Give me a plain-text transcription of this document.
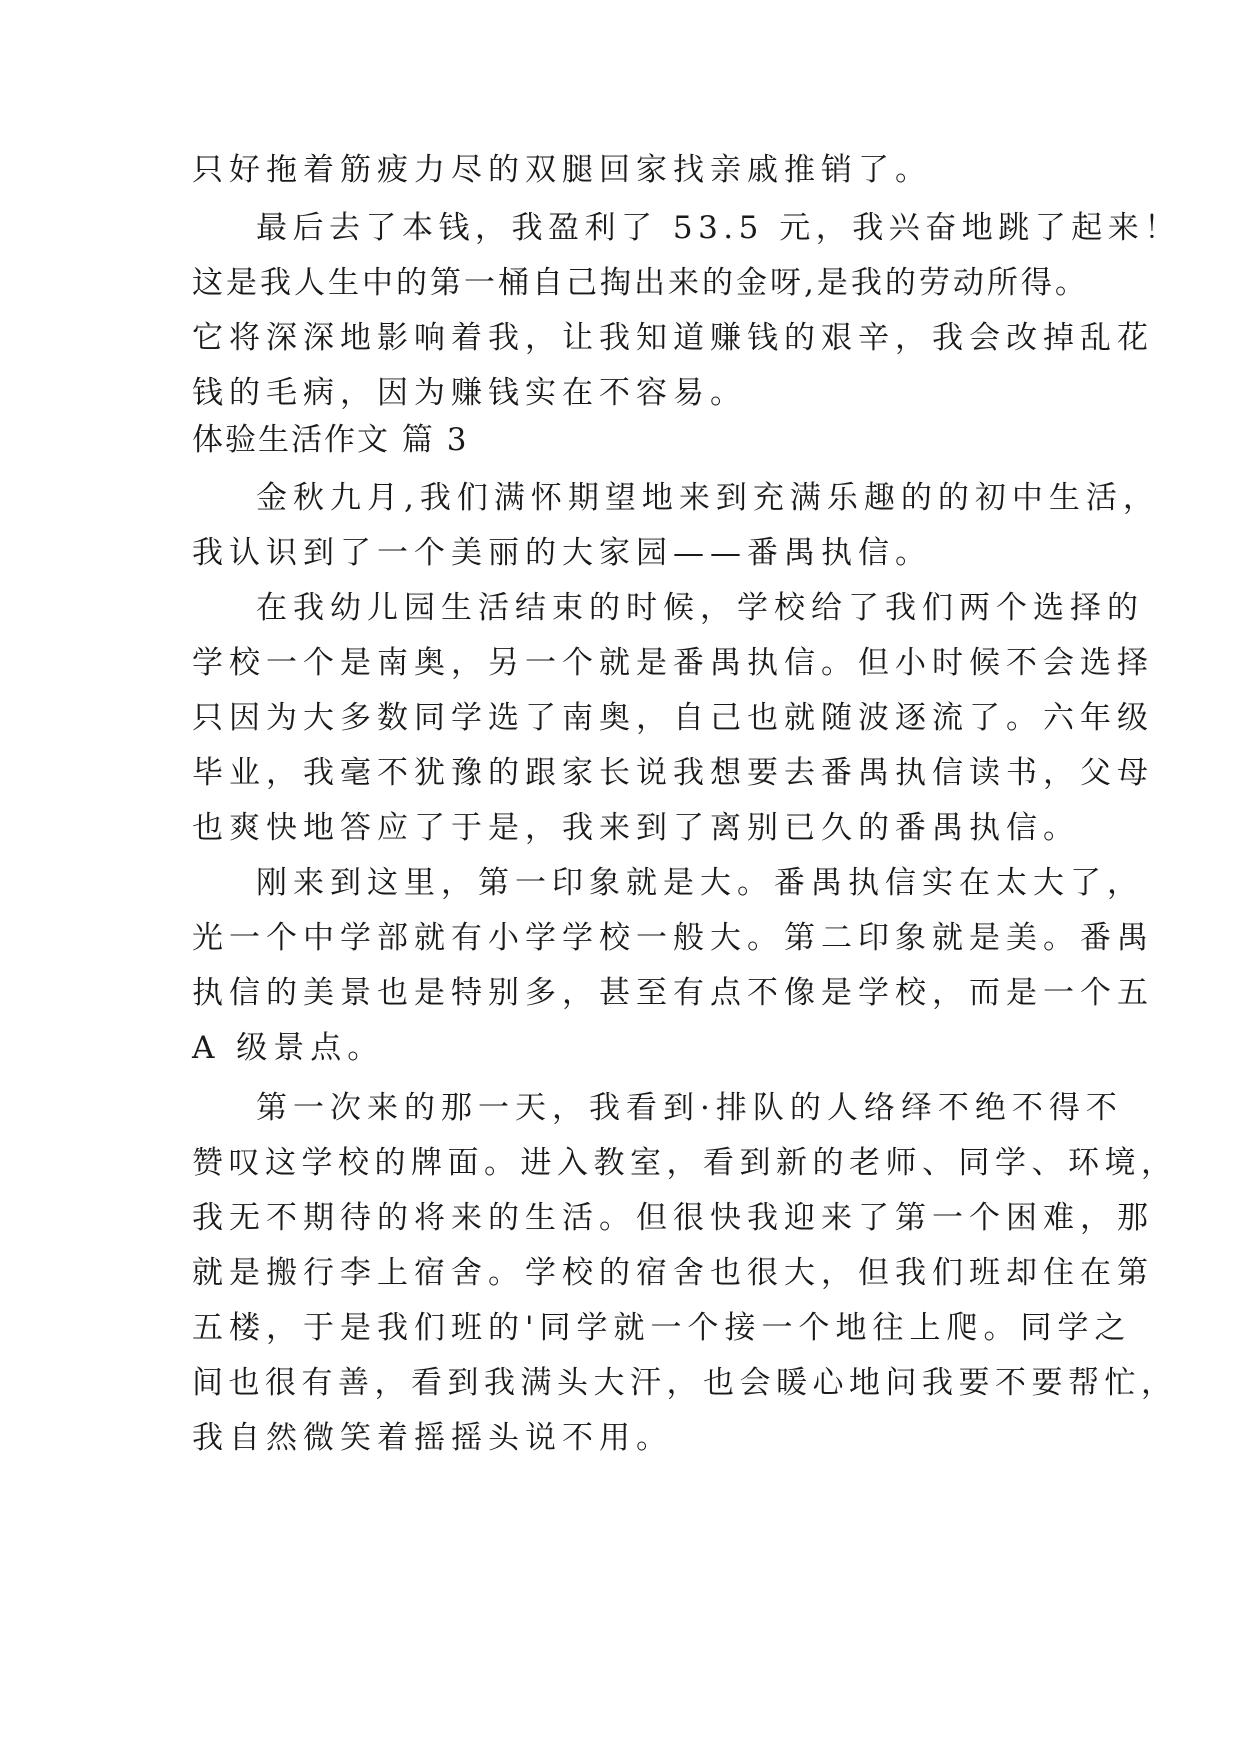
只好拖着筋疲力尽的双腿回家找亲戚推销了。
最后去了本钱，我盈利了 53.5 元，我兴奋地跳了起来！
这是我人生中的第一桶自己掏出来的金呀,是我的劳动所得。
它将深深地影响着我，让我知道赚钱的艰辛，我会改掉乱花
钱的毛病，因为赚钱实在不容易。
体验生活作文 篇 3
金秋九月,我们满怀期望地来到充满乐趣的的初中生活，
我认识到了一个美丽的大家园——番禺执信。
在我幼儿园生活结束的时候，学校给了我们两个选择的
学校一个是南奥，另一个就是番禺执信。但小时候不会选择
只因为大多数同学选了南奥，自己也就随波逐流了。六年级
毕业，我毫不犹豫的跟家长说我想要去番禺执信读书，父母
也爽快地答应了于是，我来到了离别已久的番禺执信。
刚来到这里，第一印象就是大。番禺执信实在太大了，
光一个中学部就有小学学校一般大。第二印象就是美。番禺
执信的美景也是特别多，甚至有点不像是学校，而是一个五
A 级景点。
第一次来的那一天，我看到·排队的人络绎不绝不得不
赞叹这学校的牌面。进入教室，看到新的老师、同学、环境，
我无不期待的将来的生活。但很快我迎来了第一个困难，那
就是搬行李上宿舍。学校的宿舍也很大，但我们班却住在第
五楼，于是我们班的'同学就一个接一个地往上爬。同学之
间也很有善，看到我满头大汗，也会暖心地问我要不要帮忙，
我自然微笑着摇摇头说不用。
